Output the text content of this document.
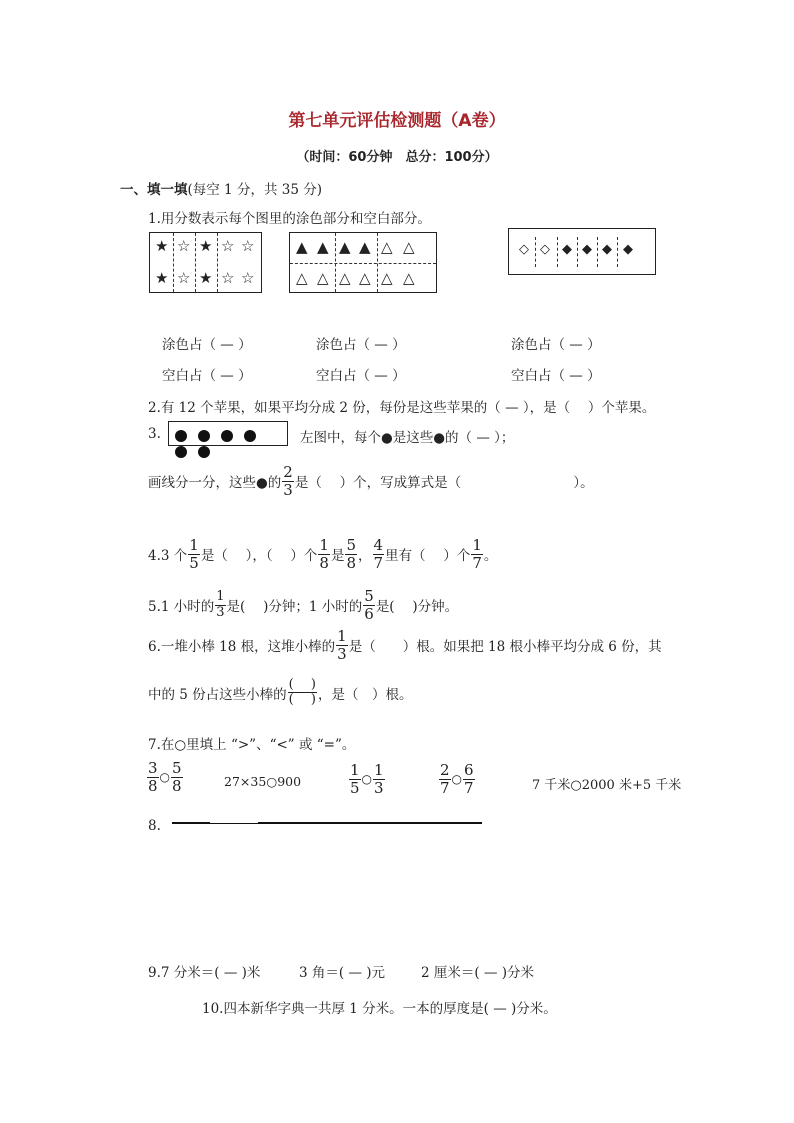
第七单元评估检测题（A卷）
（时间：60分钟　总分：100分）
一、填一填(每空 1 分，共 35 分)
1.用分数表示每个图里的涂色部分和空白部分。
★ ☆ ★ ☆ ☆
★ ☆ ★ ☆ ☆
▲ ▲ ▲ ▲ △ △
△ △ △ △ △ △
◇ ◇ ◆ ◆ ◆ ◆
涂色占（ — ）	涂色占（ — ）	涂色占（ — ）
空白占（ — ）	空白占（ — ）	空白占（ — ）
2.有 12 个苹果，如果平均分成 2 份，每份是这些苹果的（ — ），是（　 ）个苹果。
3.	左图中，每个●是这些●的（ — ）；
画线分一分，这些●的 $\frac{2}{3}$ 是（　 ）个，写成算式是（　　　　　　　　 ）。
4.3 个 $\frac{1}{5}$ 是（　 ），（　 ）个 $\frac{1}{8}$ 是 $\frac{5}{8}$ ， $\frac{4}{7}$ 里有（　 ）个 $\frac{1}{7}$ 。
5.1 小时的 $\frac{1}{3}$ 是(　 )分钟；1 小时的 $\frac{5}{6}$ 是(　 )分钟。
6.一堆小棒 18 根，这堆小棒的 $\frac{1}{3}$ 是（　　）根。如果把 18 根小棒平均分成 6 份，其
中的 5 份占这些小棒的 $\frac{( )}{( )}$ ，是（　）根。
7.在○里填上 “>”、“<” 或 “=”。
$\frac{3}{8}$ ○ $\frac{5}{8}$	27×35○900	$\frac{1}{5}$ ○ $\frac{1}{3}$	$\frac{2}{7}$ ○ $\frac{6}{7}$	7 千米○2000 米+5 千米
8.
9.7 分米＝( — )米	3 角＝( — )元	2 厘米＝( — )分米
10.四本新华字典一共厚 1 分米。一本的厚度是( — )分米。
